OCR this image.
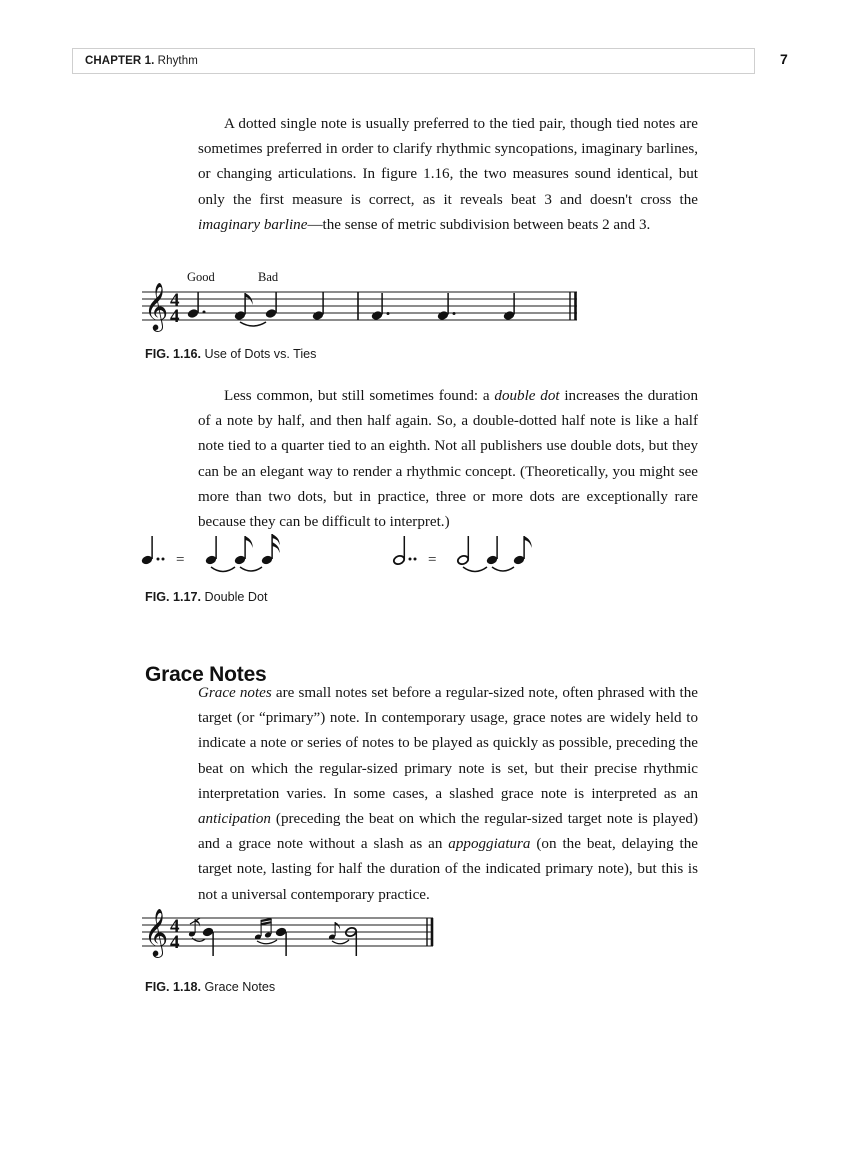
CHAPTER 1. Rhythm	7
A dotted single note is usually preferred to the tied pair, though tied notes are sometimes preferred in order to clarify rhythmic syncopations, imaginary barlines, or changing articulations. In figure 1.16, the two measures sound identical, but only the first measure is correct, as it reveals beat 3 and doesn't cross the imaginary barline—the sense of metric subdivision between beats 2 and 3.
Good	Bad
𝄞 4
4
FIG. 1.16. Use of Dots vs. Ties
Less common, but still sometimes found: a double dot increases the duration of a note by half, and then half again. So, a double-dotted half note is like a half note tied to a quarter tied to an eighth. Not all publishers use double dots, but they can be an elegant way to render a rhythmic concept. (Theoretically, you might see more than two dots, but in practice, three or more dots are exceptionally rare because they can be difficult to interpret.)
=	=
FIG. 1.17. Double Dot
Grace Notes
Grace notes are small notes set before a regular-sized note, often phrased with the target (or “primary”) note. In contemporary usage, grace notes are widely held to indicate a note or series of notes to be played as quickly as possible, preceding the beat on which the regular-sized primary note is set, but their precise rhythmic interpretation varies. In some cases, a slashed grace note is interpreted as an anticipation (preceding the beat on which the regular-sized target note is played) and a grace note without a slash as an appoggiatura (on the beat, delaying the target note, lasting for half the duration of the indicated primary note), but this is not a universal contemporary practice.
𝄞 4
4
FIG. 1.18. Grace Notes
